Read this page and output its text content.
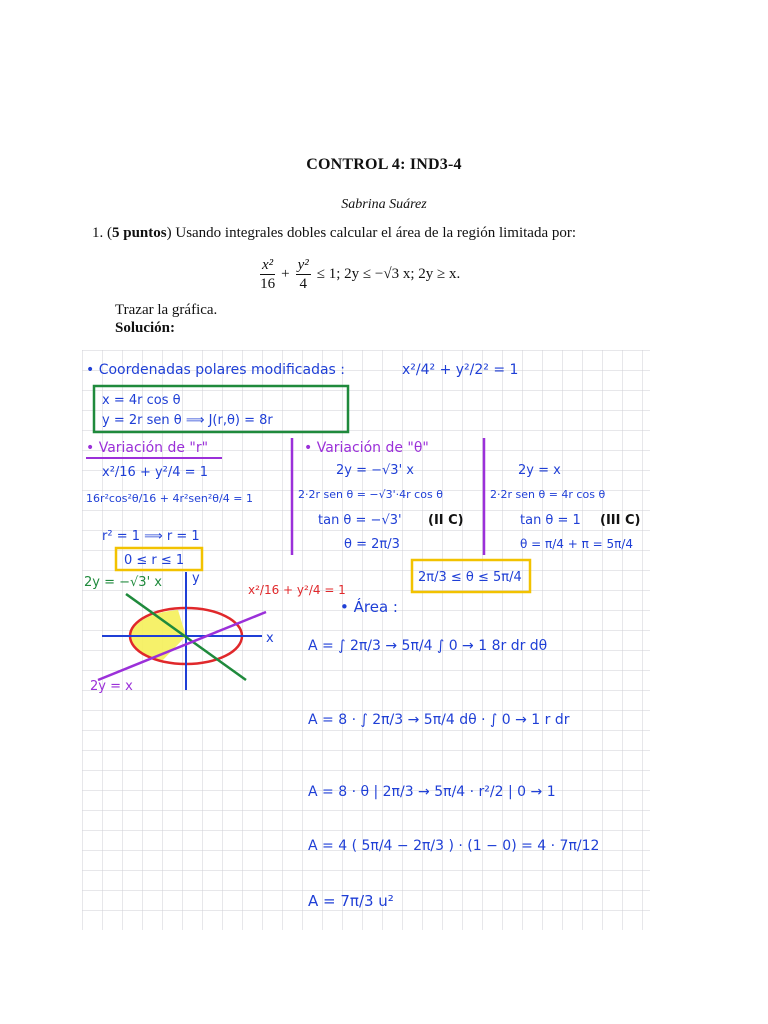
CONTROL 4: IND3-4
Sabrina Suárez
1. (5 puntos) Usando integrales dobles calcular el área de la región limitada por:
$\frac{\text{x²}}{16} + \frac{\text{y²}}{4} \le 1$; 2y ≤ −√3 x; 2y ≥ x.
Trazar la gráfica.
Solución:
• Coordenadas polares modificadas :	x²/4² + y²/2² = 1
x = 4r cos θ
y = 2r sen θ ⟹ J(r,θ) = 8r
• Variación de "r"
x²/16 + y²/4 = 1
16r²cos²θ/16 + 4r²sen²θ/4 = 1
r² = 1 ⟹ r = 1
0 ≤ r ≤ 1
• Variación de "θ"
2y = −√3' x
2·2r sen θ = −√3'·4r cos θ
tan θ = −√3' (II C)
θ = 2π/3
2y = x
2·2r sen θ = 4r cos θ
tan θ = 1 (III C)
θ = π/4 + π = 5π/4
2π/3 ≤ θ ≤ 5π/4
2y = −√3' x	x²/16 + y²/4 = 1
2y = x
x
y
• Área :
A = ∫ 2π/3 → 5π/4 ∫ 0 → 1 8r dr dθ
A = 8 · ∫ 2π/3 → 5π/4 dθ · ∫ 0 → 1 r dr
A = 8 · θ | 2π/3 → 5π/4 · r²/2 | 0 → 1
A = 4 ( 5π/4 − 2π/3 ) · (1 − 0) = 4 · 7π/12
A = 7π/3 u²
